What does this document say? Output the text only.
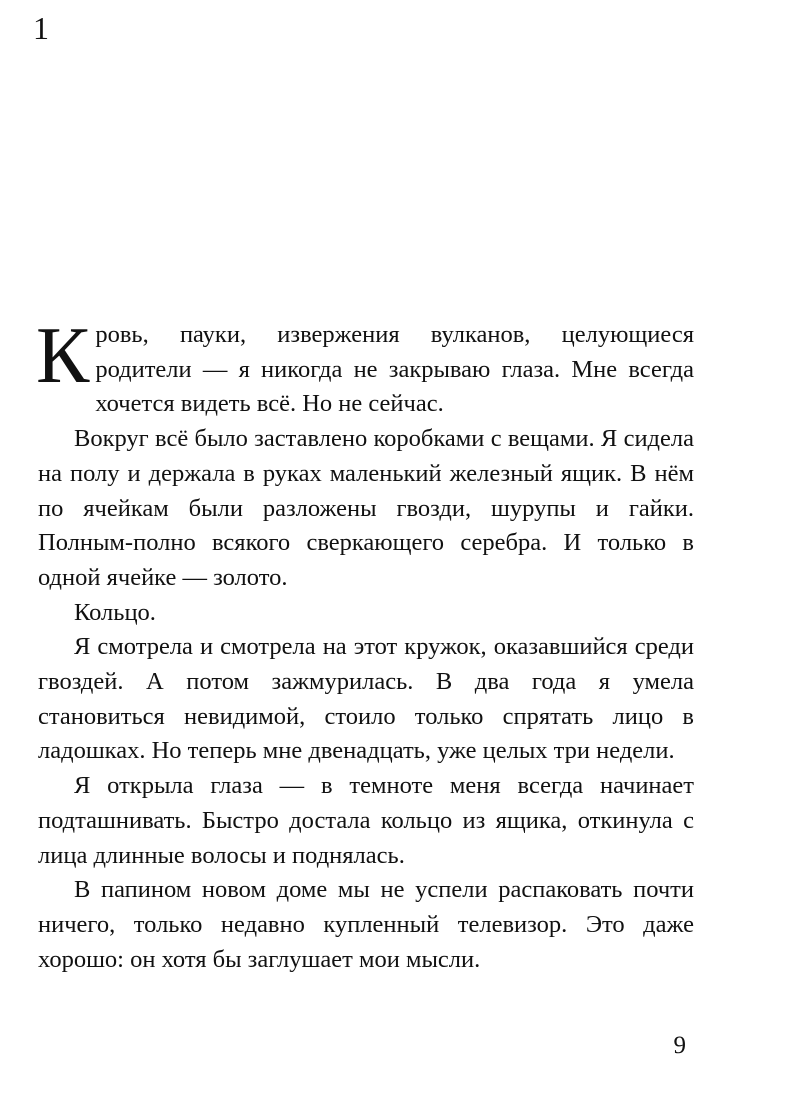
1

Кровь, пауки, извержения вулканов, целующиеся родители — я никогда не закрываю глаза. Мне всегда хочется видеть всё. Но не сейчас.

Вокруг всё было заставлено коробками с вещами. Я сидела на полу и держала в руках маленький железный ящик. В нём по ячейкам были разложены гвозди, шурупы и гайки. Полным-полно всякого сверкающего серебра. И только в одной ячейке — золото.

Кольцо.

Я смотрела и смотрела на этот кружок, оказавшийся среди гвоздей. А потом зажмурилась. В два года я умела становиться невидимой, стоило только спрятать лицо в ладошках. Но теперь мне двенадцать, уже целых три недели.

Я открыла глаза — в темноте меня всегда начинает подташнивать. Быстро достала кольцо из ящика, откинула с лица длинные волосы и поднялась.

В папином новом доме мы не успели распаковать почти ничего, только недавно купленный телевизор. Это даже хорошо: он хотя бы заглушает мои мысли.

9
